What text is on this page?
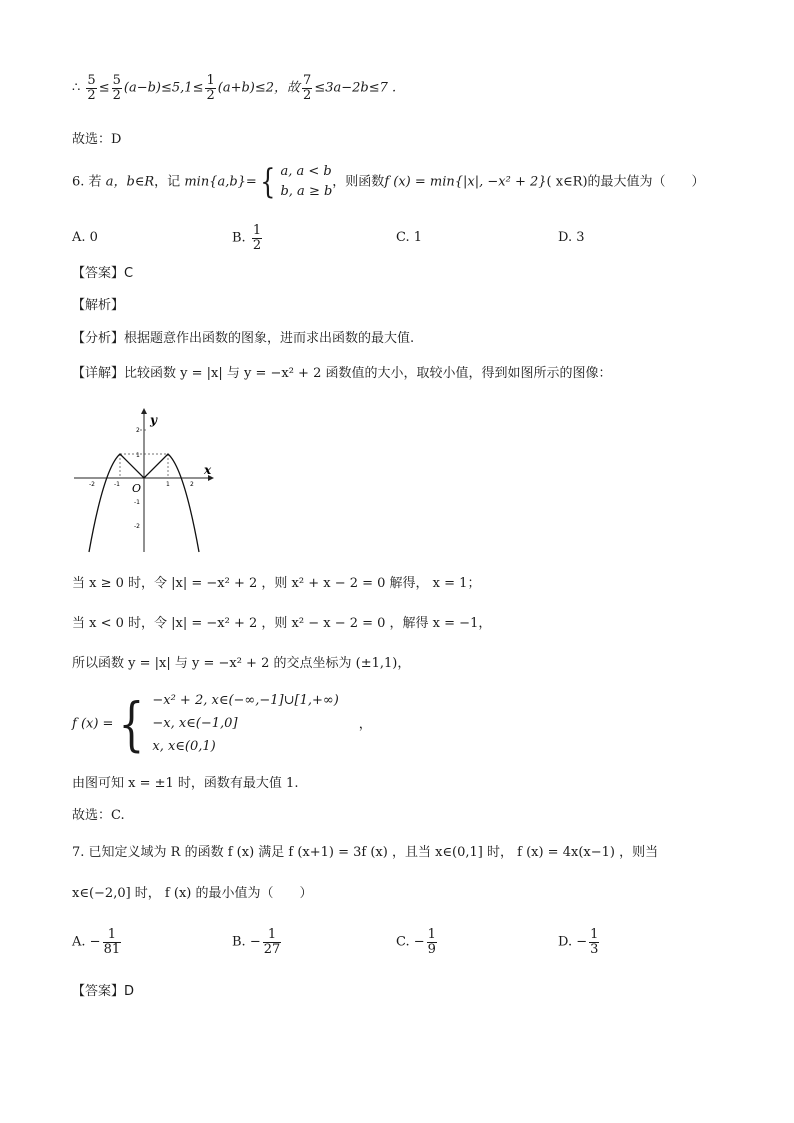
∴ $\frac{5}{2} \le \frac{5}{2} (a-b)\le 5,1\le \frac{1}{2} (a+b)\le 2$，故 $\frac{7}{2} \le 3a-2b\le 7$ .
故选：D
6. 若 a，b∈R，记 min{a,b}={ a, a < b
b, a ≥ b
，则函数f (x) = min{|x|, −x² + 2}( x∈R)的最大值为（　　）
A. 0	B. $\frac{1}{2}$	C. 1	D. 3
【答案】C
【解析】
【分析】根据题意作出函数的图象，进而求出函数的最大值.
【详解】比较函数 y = |x| 与 y = −x² + 2 函数值的大小，取较小值，得到如图所示的图像：
x
y
O
-2	-1	1	2
2
1
-1
-2
当 x ≥ 0 时，令 |x| = −x² + 2 ，则 x² + x − 2 = 0 解得， x = 1；
当 x < 0 时，令 |x| = −x² + 2 ，则 x² − x − 2 = 0 ，解得 x = −1，
所以函数 y = |x| 与 y = −x² + 2 的交点坐标为 (±1,1)，
f (x) ={ −x² + 2, x∈(−∞,−1]∪[1,+∞)
−x, x∈(−1,0]
x, x∈(0,1)
，
由图可知 x = ±1 时，函数有最大值 1.
故选：C.
7. 已知定义域为 R 的函数 f (x) 满足 f (x+1) = 3f (x) ，且当 x∈(0,1] 时， f (x) = 4x(x−1) ，则当
x∈(−2,0] 时， f (x) 的最小值为（　　）
A. − $\frac{1}{81}$	B. − $\frac{1}{27}$	C. − $\frac{1}{9}$	D. − $\frac{1}{3}$
【答案】D
